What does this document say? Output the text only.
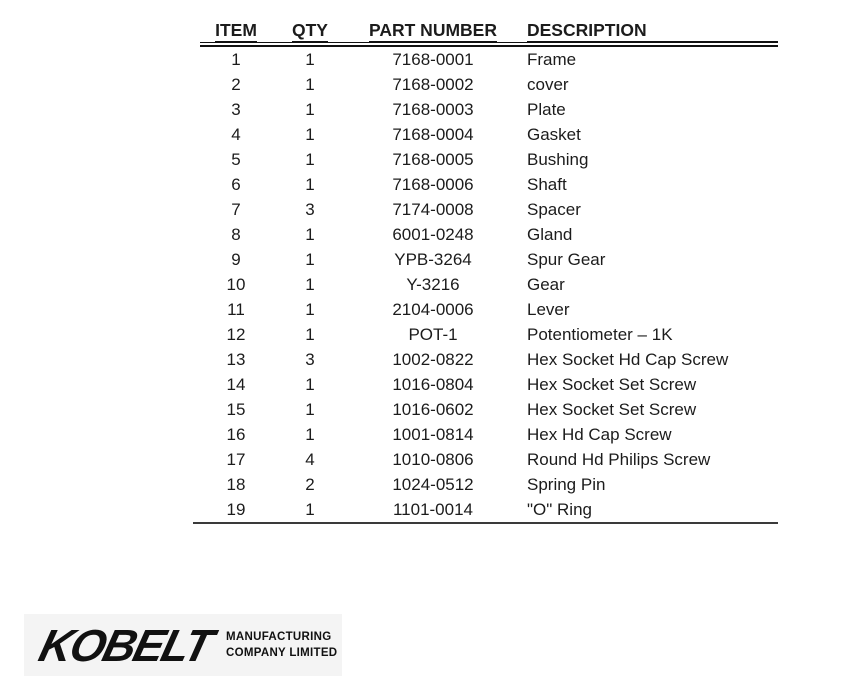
ITEM	QTY	PART NUMBER	DESCRIPTION
1	1	7168-0001	Frame
2	1	7168-0002	cover
3	1	7168-0003	Plate
4	1	7168-0004	Gasket
5	1	7168-0005	Bushing
6	1	7168-0006	Shaft
7	3	7174-0008	Spacer
8	1	6001-0248	Gland
9	1	YPB-3264	Spur Gear
10	1	Y-3216	Gear
11	1	2104-0006	Lever
12	1	POT-1	Potentiometer – 1K
13	3	1002-0822	Hex Socket Hd Cap Screw
14	1	1016-0804	Hex Socket Set Screw
15	1	1016-0602	Hex Socket Set Screw
16	1	1001-0814	Hex Hd Cap Screw
17	4	1010-0806	Round Hd Philips Screw
18	2	1024-0512	Spring Pin
19	1	1101-0014	"O" Ring
KOBELT MANUFACTURING
COMPANY LIMITED
